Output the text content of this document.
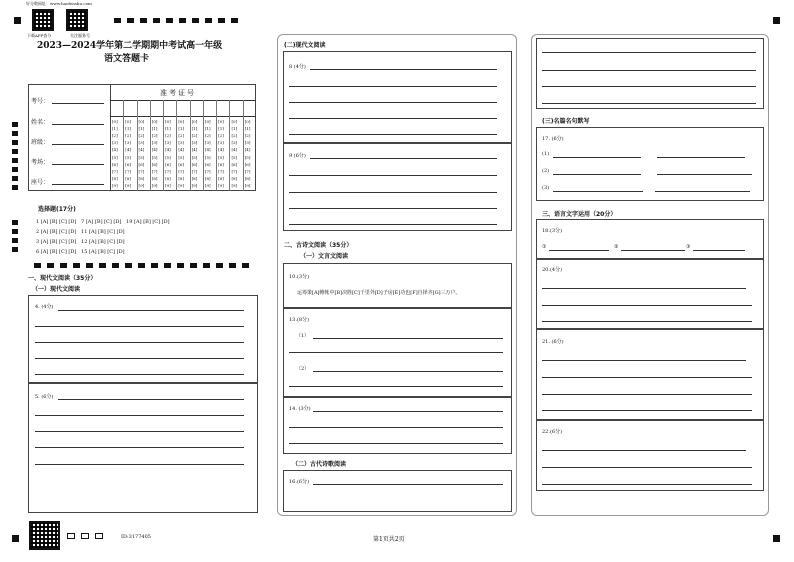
好分数网址：www.haofenshu.com
下载APP查分	关注服务号
2023—2024学年第二学期期中考试高一年级
语文答题卡
考号：
姓名：
班级：
考场：
座号：
准考证号
[0] [0] [0] [0] [0] [0] [0] [0] [0] [0] [0]
[1] [1] [1] [1] [1] [1] [1] [1] [1] [1] [1]
[2] [2] [2] [2] [2] [2] [2] [2] [2] [2] [2]
[3] [3] [3] [3] [3] [3] [3] [3] [3] [3] [3]
[4] [4] [4] [4] [4] [4] [4] [4] [4] [4] [4]
[5] [5] [5] [5] [5] [5] [5] [5] [5] [5] [5]
[6] [6] [6] [6] [6] [6] [6] [6] [6] [6] [6]
[7] [7] [7] [7] [7] [7] [7] [7] [7] [7] [7]
[8] [8] [8] [8] [8] [8] [8] [8] [8] [8] [8]
[9] [9] [9] [9] [9] [9] [9] [9] [9] [9] [9]
选择题(17分)
1 [A] [B] [C] [D] 7 [A] [B] [C] [D] 19 [A] [B] [C] [D]
2 [A] [B] [C] [D] 11 [A] [B] [C] [D]
3 [A] [B] [C] [D] 12 [A] [B] [C] [D]
6 [A] [B] [C] [D] 15 [A] [B] [C] [D]
一、现代文阅读（35分）
（一）现代文阅读
4. (4分)
5. (6分)
(二)现代文阅读
8 (4分)
9 (6分)
二、古诗文阅读（35分）
（一）文言文阅读
10.(3分)
运筹策[A]帷帐中[B]决胜[C]千里外[D]子房[E]功也[F]自择齐[G]三万户。
13.(8分)
（1）
（2）
14. (3分)
（二）古代诗歌阅读
16.(6分)
(三)名篇名句默写
17. (6分)
(1)
(2)
(3)
三、语言文字运用（20分）
18.(3分)
①	②	③
20.(4分)
21. (6分)
22.(6分)
ID:3177405	第1页共2页
